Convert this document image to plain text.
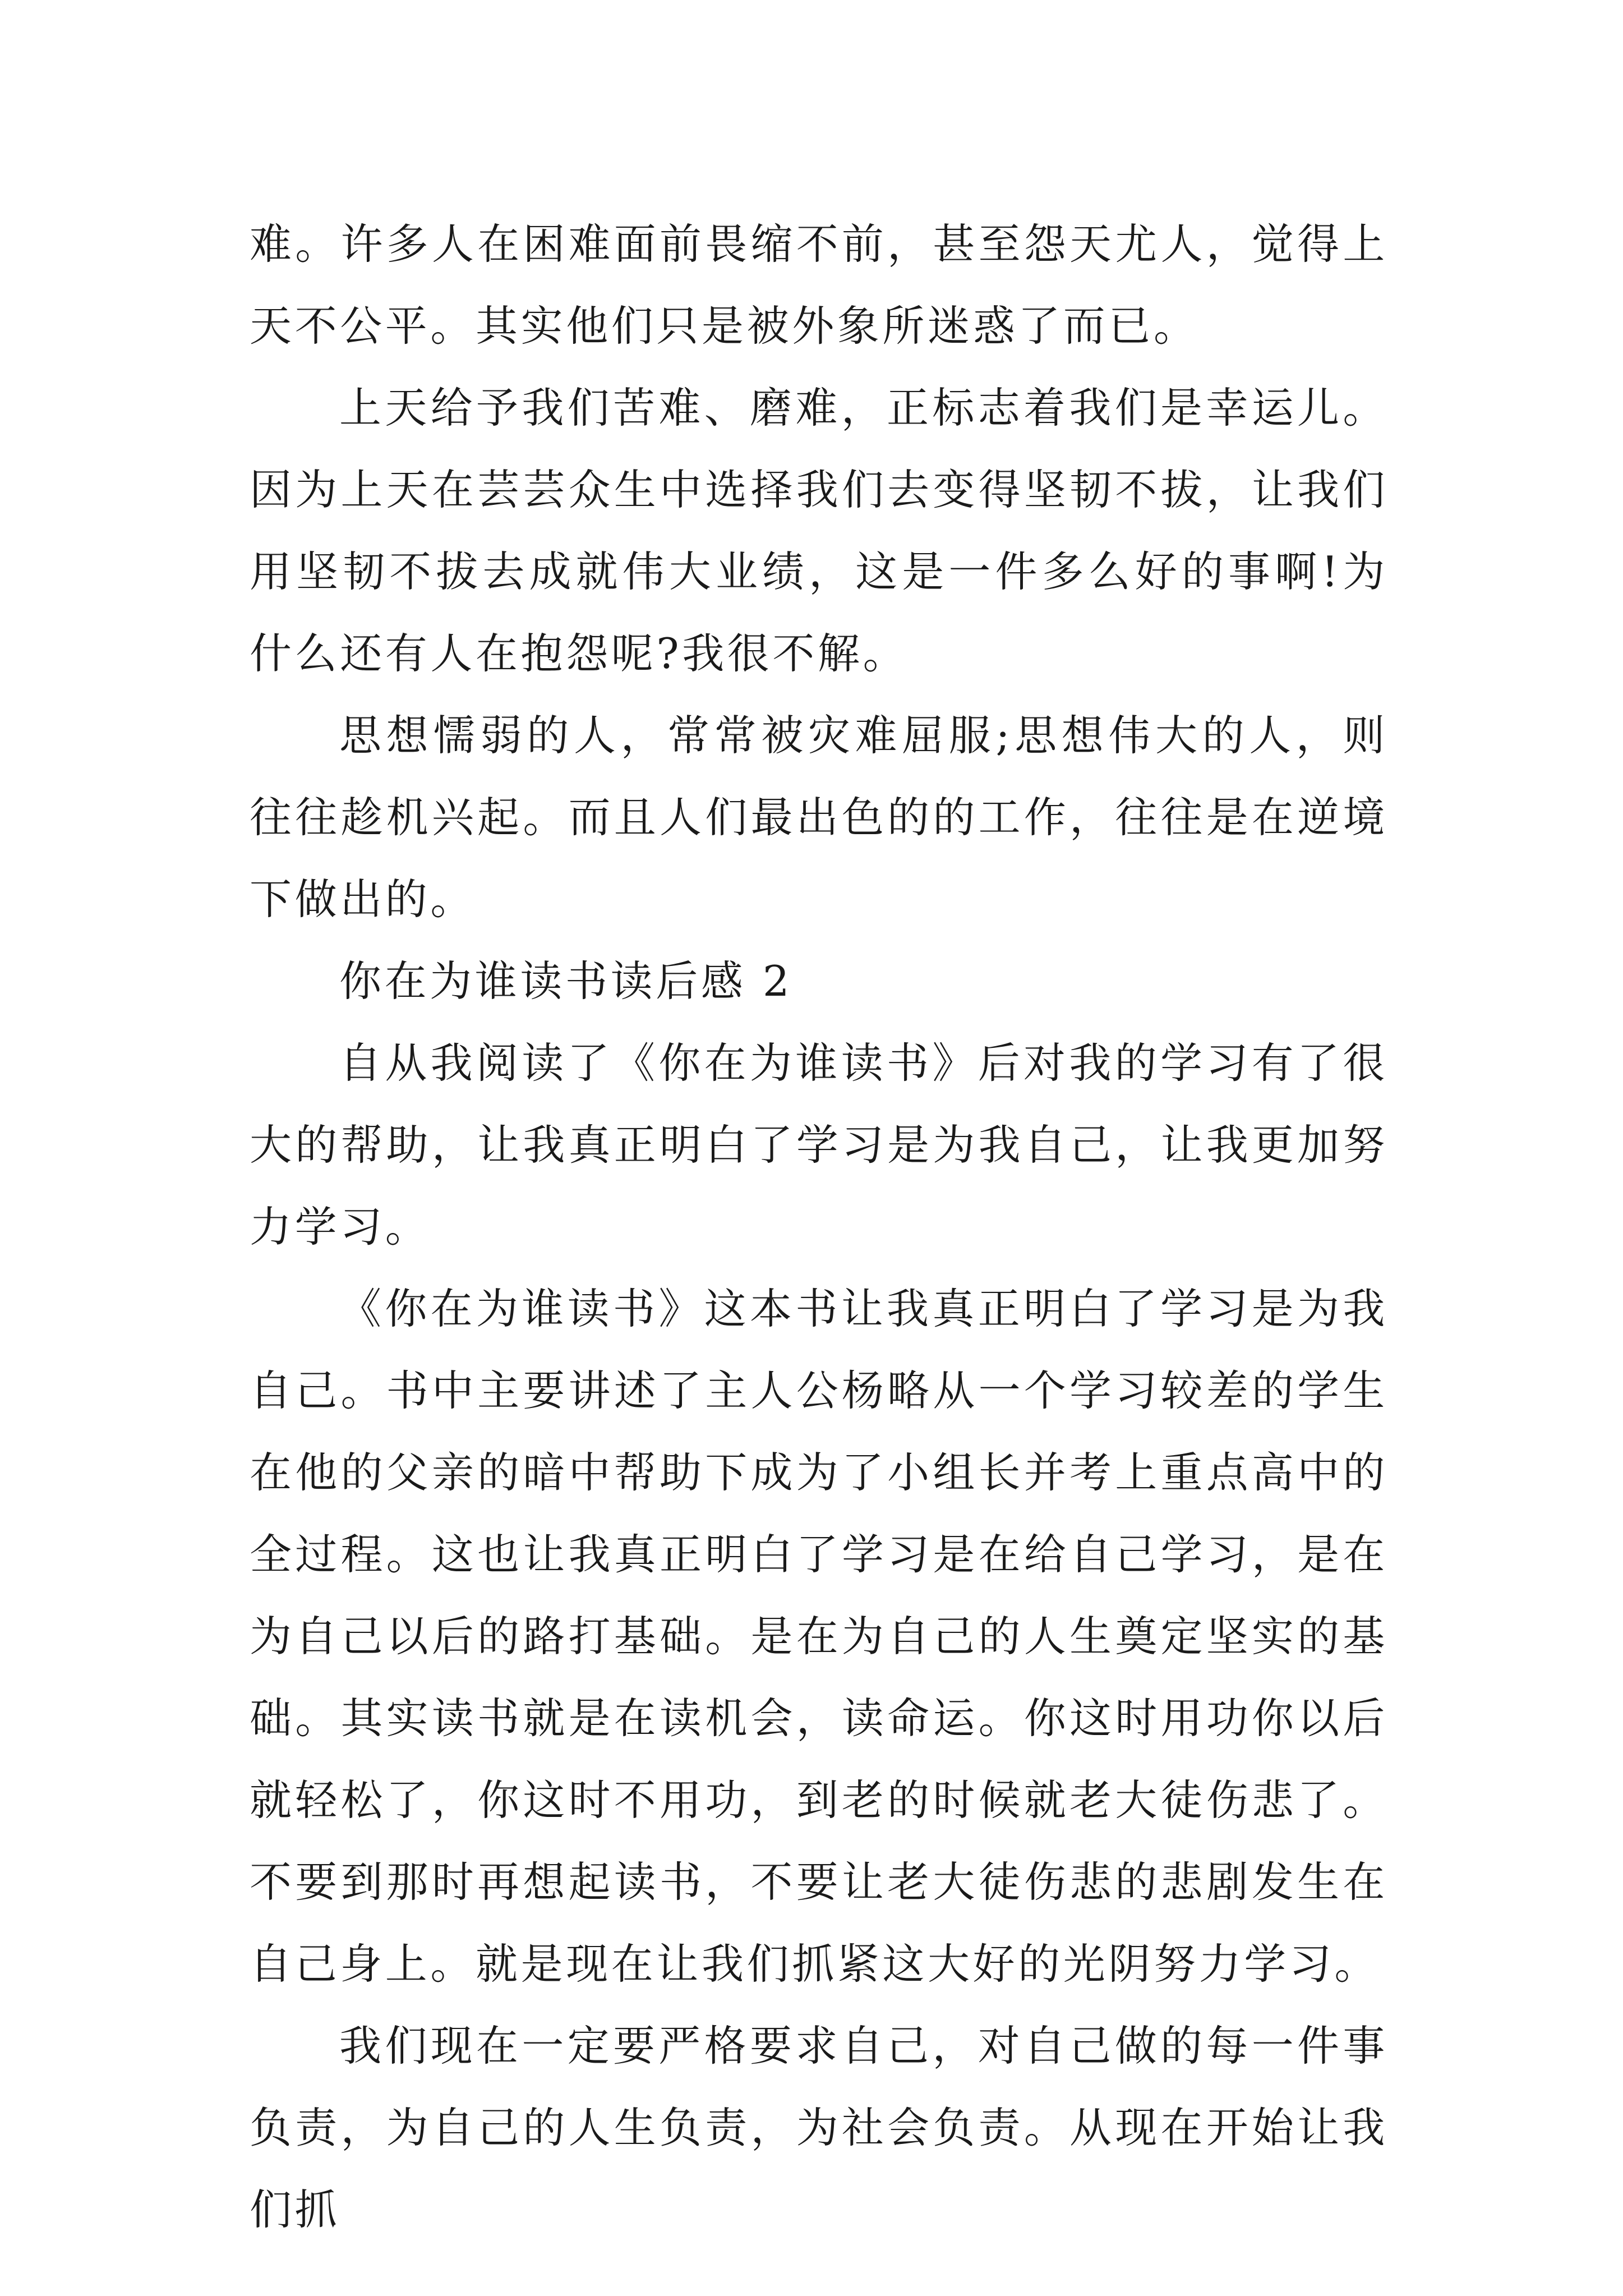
难。许多人在困难面前畏缩不前，甚至怨天尤人，觉得上天不公平。其实他们只是被外象所迷惑了而已。

上天给予我们苦难、磨难，正标志着我们是幸运儿。因为上天在芸芸众生中选择我们去变得坚韧不拔，让我们用坚韧不拔去成就伟大业绩，这是一件多么好的事啊!为什么还有人在抱怨呢?我很不解。

思想懦弱的人，常常被灾难屈服;思想伟大的人，则往往趁机兴起。而且人们最出色的的工作，往往是在逆境下做出的。

你在为谁读书读后感 2

自从我阅读了《你在为谁读书》后对我的学习有了很大的帮助，让我真正明白了学习是为我自己，让我更加努力学习。

《你在为谁读书》这本书让我真正明白了学习是为我自己。书中主要讲述了主人公杨略从一个学习较差的学生在他的父亲的暗中帮助下成为了小组长并考上重点高中的全过程。这也让我真正明白了学习是在给自己学习，是在为自己以后的路打基础。是在为自己的人生奠定坚实的基础。其实读书就是在读机会，读命运。你这时用功你以后就轻松了，你这时不用功，到老的时候就老大徒伤悲了。不要到那时再想起读书，不要让老大徒伤悲的悲剧发生在自己身上。就是现在让我们抓紧这大好的光阴努力学习。

我们现在一定要严格要求自己，对自己做的每一件事负责，为自己的人生负责，为社会负责。从现在开始让我们抓
